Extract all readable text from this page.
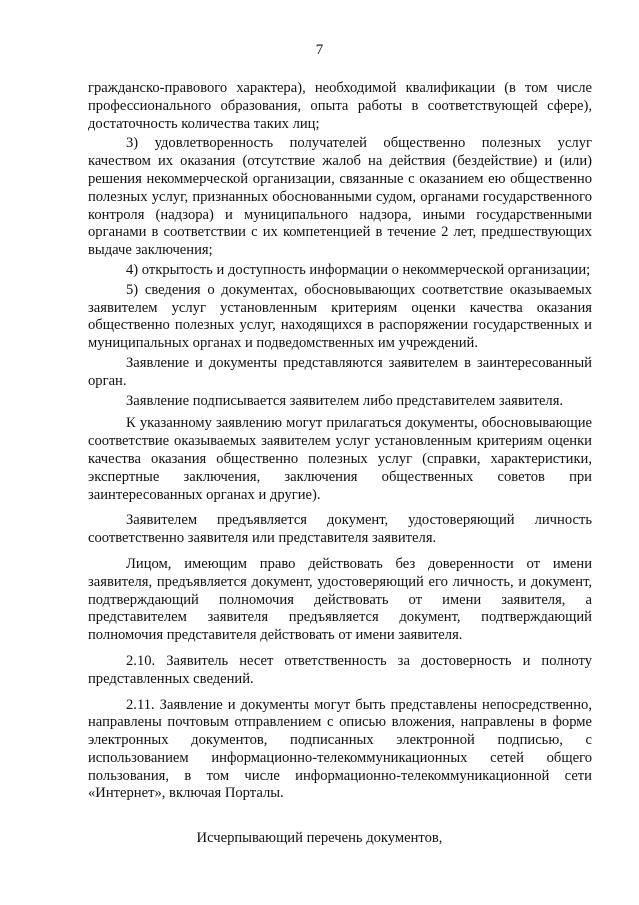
7

гражданско-правового характера), необходимой квалификации (в том числе профессионального образования, опыта работы в соответствующей сфере), достаточность количества таких лиц;

3) удовлетворенность получателей общественно полезных услуг качеством их оказания (отсутствие жалоб на действия (бездействие) и (или) решения некоммерческой организации, связанные с оказанием ею общественно полезных услуг, признанных обоснованными судом, органами государственного контроля (надзора) и муниципального надзора, иными государственными органами в соответствии с их компетенцией в течение 2 лет, предшествующих выдаче заключения;

4) открытость и доступность информации о некоммерческой организации;

5) сведения о документах, обосновывающих соответствие оказываемых заявителем услуг установленным критериям оценки качества оказания общественно полезных услуг, находящихся в распоряжении государственных и муниципальных органах и подведомственных им учреждений.

Заявление и документы представляются заявителем в заинтересованный орган.

Заявление подписывается заявителем либо представителем заявителя.

К указанному заявлению могут прилагаться документы, обосновывающие соответствие оказываемых заявителем услуг установленным критериям оценки качества оказания общественно полезных услуг (справки, характеристики, экспертные заключения, заключения общественных советов при заинтересованных органах и другие).

Заявителем предъявляется документ, удостоверяющий личность соответственно заявителя или представителя заявителя.

Лицом, имеющим право действовать без доверенности от имени заявителя, предъявляется документ, удостоверяющий его личность, и документ, подтверждающий полномочия действовать от имени заявителя, а представителем заявителя предъявляется документ, подтверждающий полномочия представителя действовать от имени заявителя.

2.10. Заявитель несет ответственность за достоверность и полноту представленных сведений.

2.11. Заявление и документы могут быть представлены непосредственно, направлены почтовым отправлением с описью вложения, направлены в форме электронных документов, подписанных электронной подписью, с использованием информационно-телекоммуникационных сетей общего пользования, в том числе информационно-телекоммуникационной сети «Интернет», включая Порталы.

Исчерпывающий перечень документов,
